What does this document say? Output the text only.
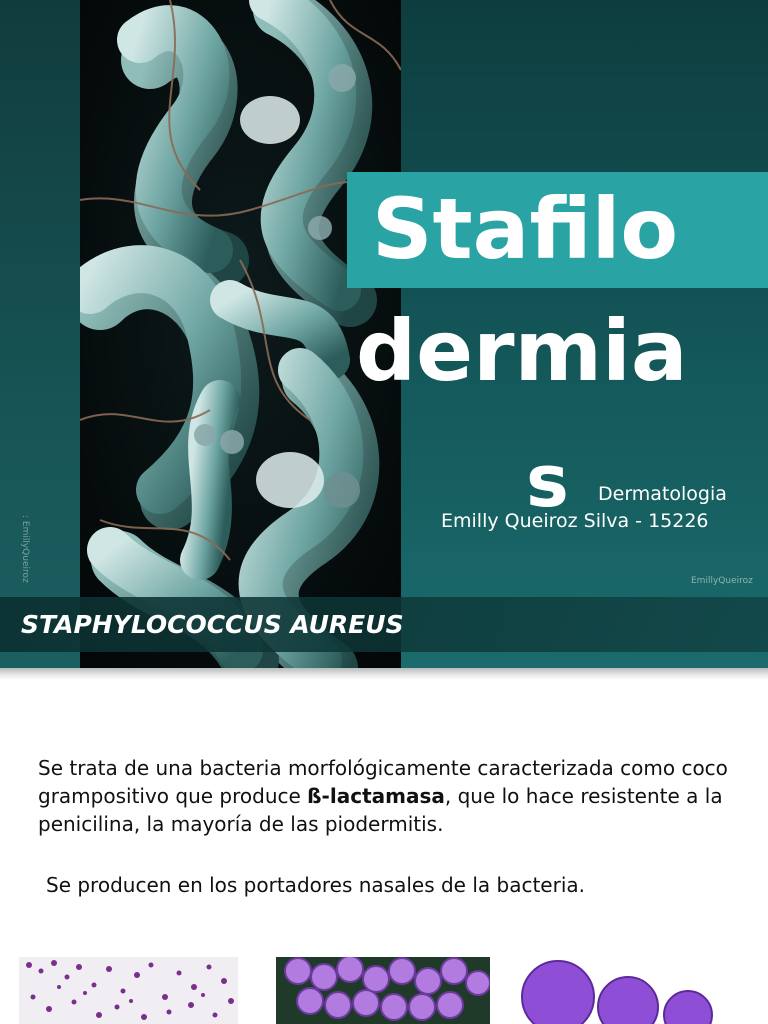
Stafilo
dermia
s Dermatologia
Emilly Queiroz Silva - 15226
: EmillyQueiroz	EmillyQueiroz
STAPHYLOCOCCUS AUREUS
Se trata de una bacteria morfológicamente caracterizada como coco grampositivo que produce ß-lactamasa, que lo hace resistente a la penicilina, la mayoría de las piodermitis.
Se producen en los portadores nasales de la bacteria.
